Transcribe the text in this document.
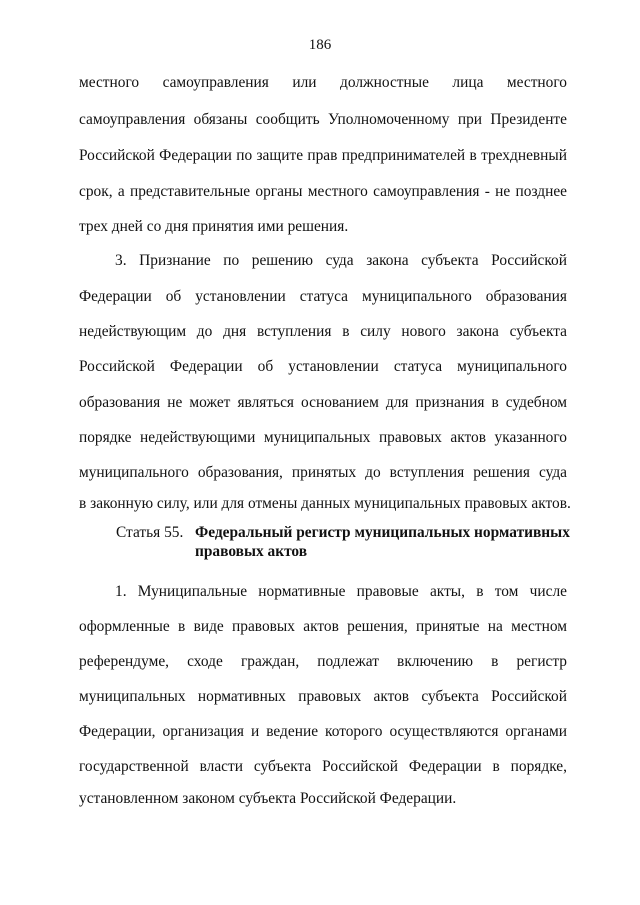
186
местного самоуправления или должностные лица местного
самоуправления обязаны сообщить Уполномоченному при Президенте
Российской Федерации по защите прав предпринимателей в трехдневный
срок, а представительные органы местного самоуправления - не позднее
трех дней со дня принятия ими решения.
3. Признание по решению суда закона субъекта Российской
Федерации об установлении статуса муниципального образования
недействующим до дня вступления в силу нового закона субъекта
Российской Федерации об установлении статуса муниципального
образования не может являться основанием для признания в судебном
порядке недействующими муниципальных правовых актов указанного
муниципального образования, принятых до вступления решения суда
в законную силу, или для отмены данных муниципальных правовых актов.
Статья 55. Федеральный регистр муниципальных нормативных правовых актов
1. Муниципальные нормативные правовые акты, в том числе
оформленные в виде правовых актов решения, принятые на местном
референдуме, сходе граждан, подлежат включению в регистр
муниципальных нормативных правовых актов субъекта Российской
Федерации, организация и ведение которого осуществляются органами
государственной власти субъекта Российской Федерации в порядке,
установленном законом субъекта Российской Федерации.
